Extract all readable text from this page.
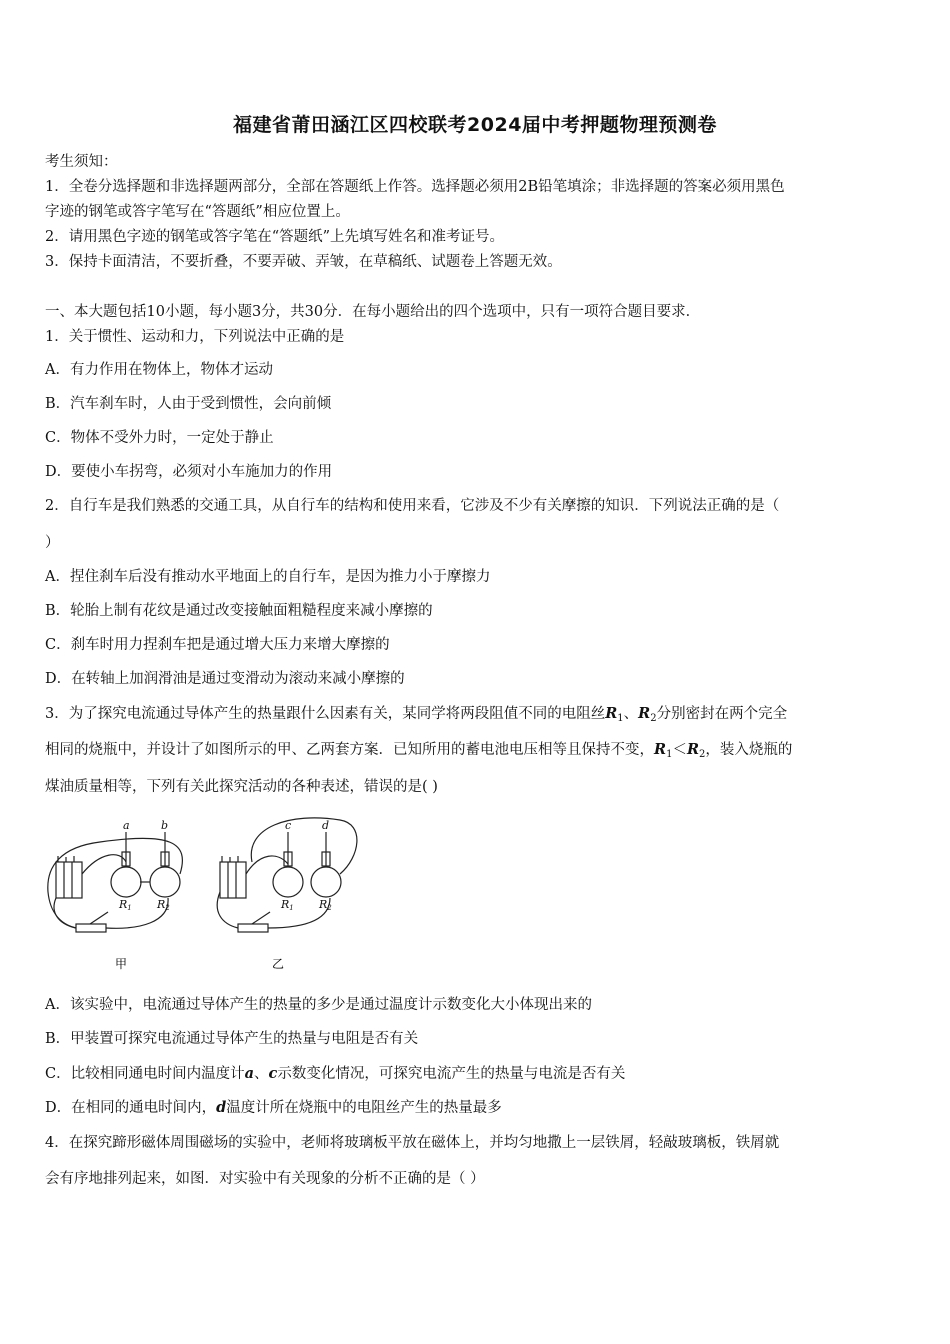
福建省莆田涵江区四校联考2024届中考押题物理预测卷
考生须知：
1．全卷分选择题和非选择题两部分，全部在答题纸上作答。选择题必须用2B铅笔填涂；非选择题的答案必须用黑色
字迹的钢笔或答字笔写在“答题纸”相应位置上。
2．请用黑色字迹的钢笔或答字笔在“答题纸”上先填写姓名和准考证号。
3．保持卡面清洁，不要折叠，不要弄破、弄皱，在草稿纸、试题卷上答题无效。
一、本大题包括10小题，每小题3分，共30分．在每小题给出的四个选项中，只有一项符合题目要求．
1．关于惯性、运动和力，下列说法中正确的是
A．有力作用在物体上，物体才运动
B．汽车刹车时，人由于受到惯性，会向前倾
C．物体不受外力时，一定处于静止
D．要使小车拐弯，必须对小车施加力的作用
2．自行车是我们熟悉的交通工具，从自行车的结构和使用来看，它涉及不少有关摩擦的知识．下列说法正确的是（
）
A．捏住刹车后没有推动水平地面上的自行车，是因为推力小于摩擦力
B．轮胎上制有花纹是通过改变接触面粗糙程度来减小摩擦的
C．刹车时用力捏刹车把是通过增大压力来增大摩擦的
D．在转轴上加润滑油是通过变滑动为滚动来减小摩擦的
3．为了探究电流通过导体产生的热量跟什么因素有关，某同学将两段阻值不同的电阻丝$R_1$、$R_2$分别密封在两个完全
相同的烧瓶中，并设计了如图所示的甲、乙两套方案．已知所用的蓄电池电压相等且保持不变，$R_1<R_2$，装入烧瓶的
煤油质量相等，下列有关此探究活动的各种表述，错误的是( )
a	b	c	d
R1 R2	R1 R2
甲	乙
A．该实验中，电流通过导体产生的热量的多少是通过温度计示数变化大小体现出来的
B．甲装置可探究电流通过导体产生的热量与电阻是否有关
C．比较相同通电时间内温度计a、c示数变化情况，可探究电流产生的热量与电流是否有关
D．在相同的通电时间内，d温度计所在烧瓶中的电阻丝产生的热量最多
4．在探究蹄形磁体周围磁场的实验中，老师将玻璃板平放在磁体上，并均匀地撒上一层铁屑，轻敲玻璃板，铁屑就
会有序地排列起来，如图．对实验中有关现象的分析不正确的是（ ）
